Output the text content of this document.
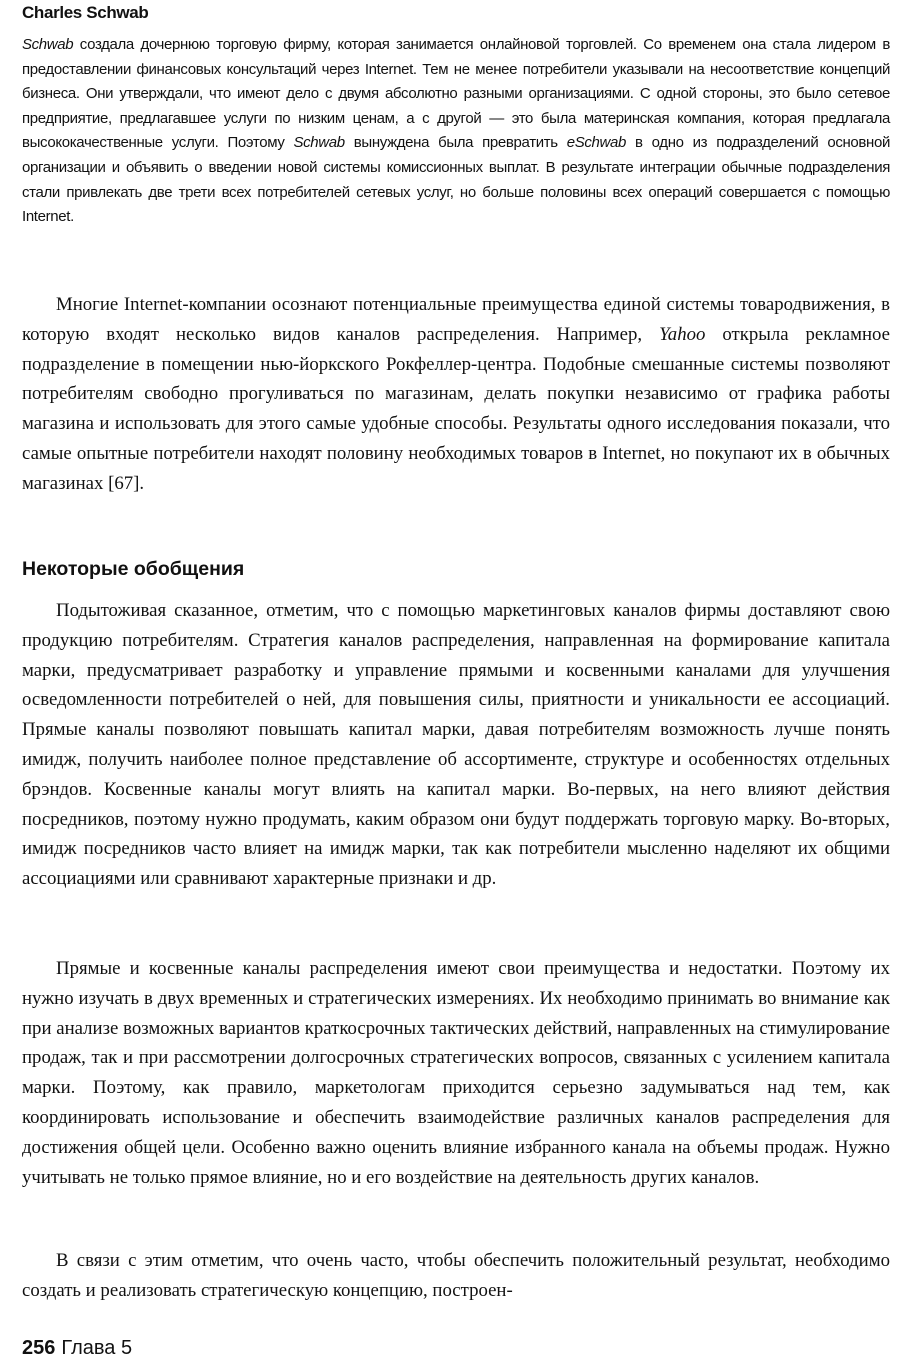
Charles Schwab

Schwab создала дочернюю торговую фирму, которая занимается онлайновой торговлей. Со временем она стала лидером в предоставлении финансовых консультаций через Internet. Тем не менее потребители указывали на несоответствие концепций бизнеса. Они утверждали, что имеют дело с двумя абсолютно разными организациями. С одной стороны, это было сетевое предприятие, предлагавшее услуги по низким ценам, а с другой — это была материнская компания, которая предлагала высококачественные услуги. Поэтому Schwab вынуждена была превратить eSchwab в одно из подразделений основной организации и объявить о введении новой системы комиссионных выплат. В результате интеграции обычные подразделения стали привлекать две трети всех потребителей сетевых услуг, но больше половины всех операций совершается с помощью Internet.

Многие Internet-компании осознают потенциальные преимущества единой системы товародвижения, в которую входят несколько видов каналов распределения. Например, Yahoo открыла рекламное подразделение в помещении нью-йоркского Рокфеллер-центра. Подобные смешанные системы позволяют потребителям свободно прогуливаться по магазинам, делать покупки независимо от графика работы магазина и использовать для этого самые удобные способы. Результаты одного исследования показали, что самые опытные потребители находят половину необходимых товаров в Internet, но покупают их в обычных магазинах [67].

Некоторые обобщения

Подытоживая сказанное, отметим, что с помощью маркетинговых каналов фирмы доставляют свою продукцию потребителям. Стратегия каналов распределения, направленная на формирование капитала марки, предусматривает разработку и управление прямыми и косвенными каналами для улучшения осведомленности потребителей о ней, для повышения силы, приятности и уникальности ее ассоциаций. Прямые каналы позволяют повышать капитал марки, давая потребителям возможность лучше понять имидж, получить наиболее полное представление об ассортименте, структуре и особенностях отдельных брэндов. Косвенные каналы могут влиять на капитал марки. Во-первых, на него влияют действия посредников, поэтому нужно продумать, каким образом они будут поддержать торговую марку. Во-вторых, имидж посредников часто влияет на имидж марки, так как потребители мысленно наделяют их общими ассоциациями или сравнивают характерные признаки и др.

Прямые и косвенные каналы распределения имеют свои преимущества и недостатки. Поэтому их нужно изучать в двух временных и стратегических измерениях. Их необходимо принимать во внимание как при анализе возможных вариантов краткосрочных тактических действий, направленных на стимулирование продаж, так и при рассмотрении долгосрочных стратегических вопросов, связанных с усилением капитала марки. Поэтому, как правило, маркетологам приходится серьезно задумываться над тем, как координировать использование и обеспечить взаимодействие различных каналов распределения для достижения общей цели. Особенно важно оценить влияние избранного канала на объемы продаж. Нужно учитывать не только прямое влияние, но и его воздействие на деятельность других каналов.

В связи с этим отметим, что очень часто, чтобы обеспечить положительный результат, необходимо создать и реализовать стратегическую концепцию, построен-

256 Глава 5
